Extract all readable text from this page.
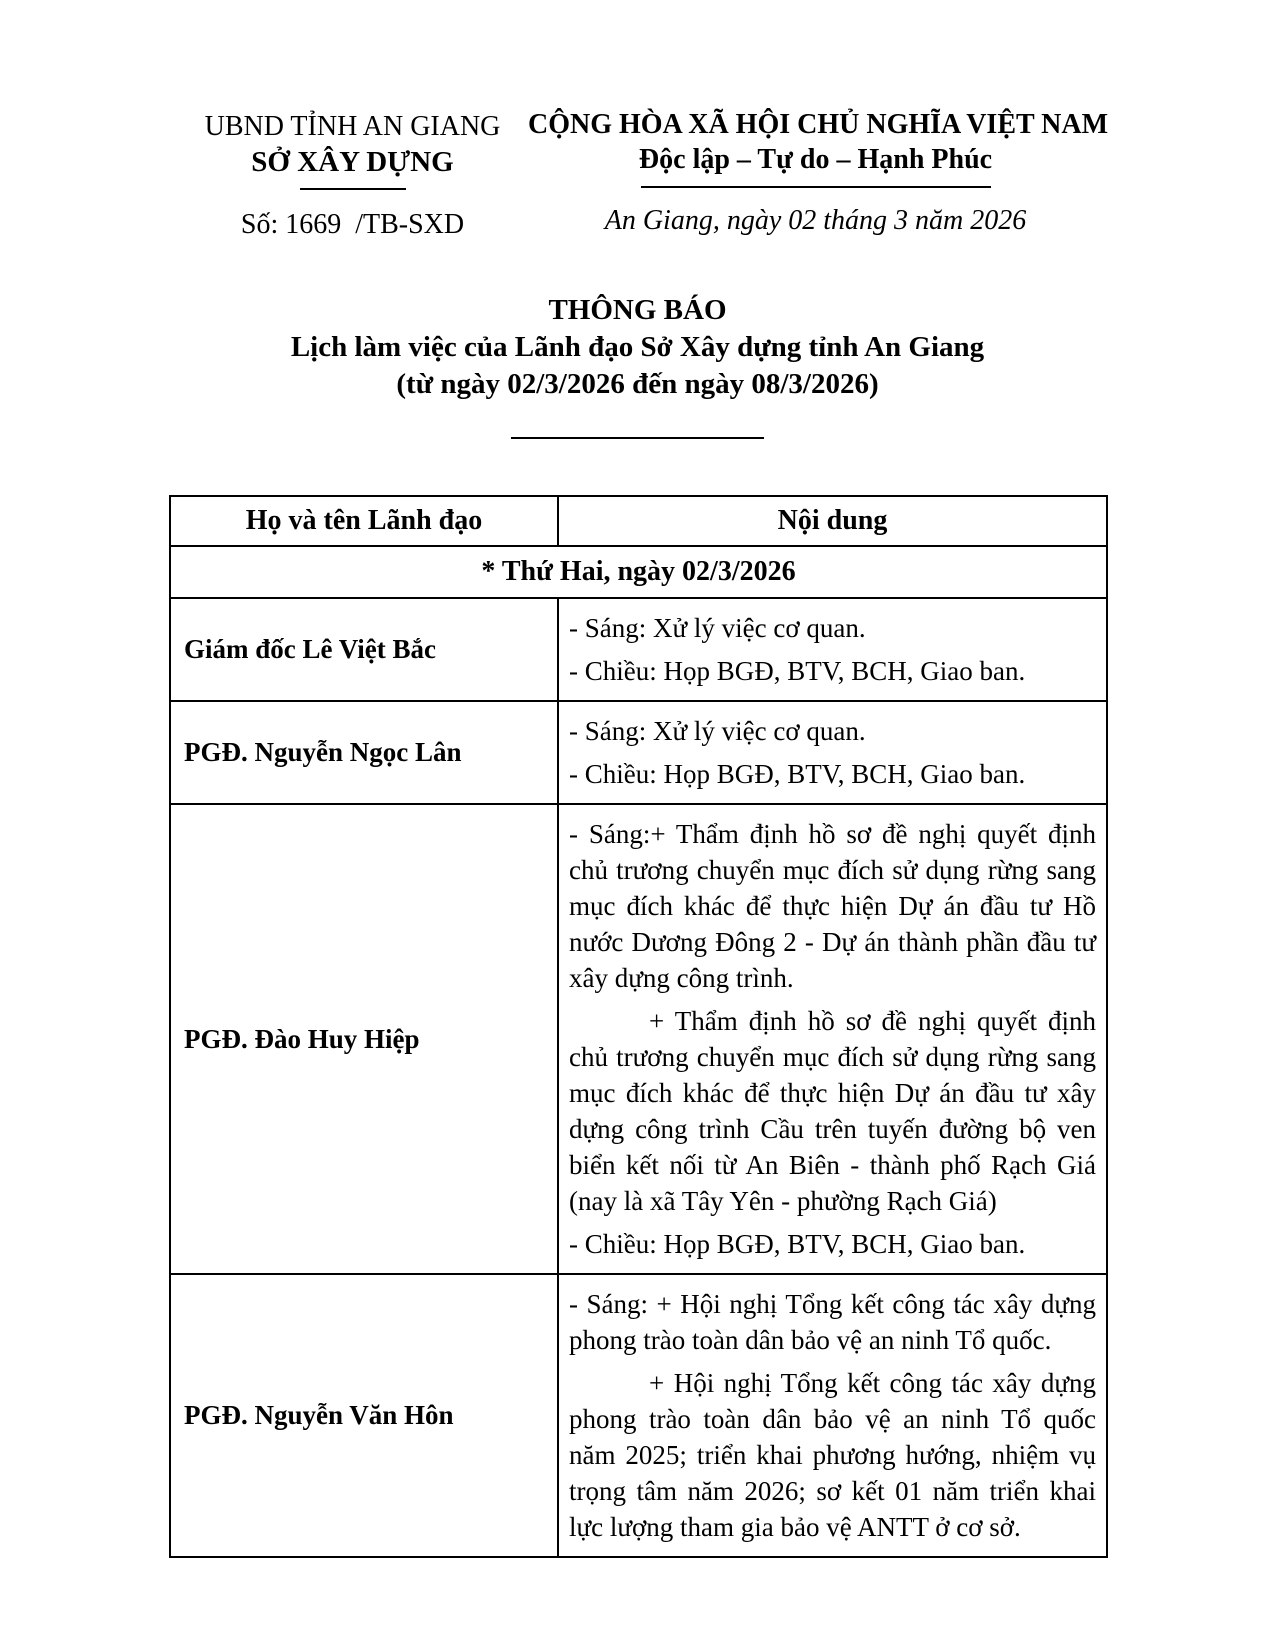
UBND TỈNH AN GIANG
SỞ XÂY DỰNG
Số: 1669  /TB-SXD
CỘNG HÒA XÃ HỘI CHỦ NGHĨA VIỆT NAM
Độc lập – Tự do – Hạnh Phúc
An Giang, ngày 02 tháng 3 năm 2026
THÔNG BÁO
Lịch làm việc của Lãnh đạo Sở Xây dựng tỉnh An Giang
(từ ngày 02/3/2026 đến ngày 08/3/2026)
Họ và tên Lãnh đạo	Nội dung
* Thứ Hai, ngày 02/3/2026	
Giám đốc Lê Việt Bắc	- Sáng: Xử lý việc cơ quan.

- Chiều: Họp BGĐ, BTV, BCH, Giao ban.

PGĐ. Nguyễn Ngọc Lân	- Sáng: Xử lý việc cơ quan.

- Chiều: Họp BGĐ, BTV, BCH, Giao ban.

PGĐ. Đào Huy Hiệp	- Sáng:+ Thẩm định hồ sơ đề nghị quyết định chủ trương chuyển mục đích sử dụng rừng sang mục đích khác để thực hiện Dự án đầu tư Hồ nước Dương Đông 2 - Dự án thành phần đầu tư xây dựng công trình.

+ Thẩm định hồ sơ đề nghị quyết định chủ trương chuyển mục đích sử dụng rừng sang mục đích khác để thực hiện Dự án đầu tư xây dựng công trình Cầu trên tuyến đường bộ ven biển kết nối từ An Biên - thành phố Rạch Giá (nay là xã Tây Yên - phường Rạch Giá)

- Chiều: Họp BGĐ, BTV, BCH, Giao ban.

PGĐ. Nguyễn Văn Hôn	- Sáng: + Hội nghị Tổng kết công tác xây dựng phong trào toàn dân bảo vệ an ninh Tổ quốc.

+ Hội nghị Tổng kết công tác xây dựng phong trào toàn dân bảo vệ an ninh Tổ quốc năm 2025; triển khai phương hướng, nhiệm vụ trọng tâm năm 2026; sơ kết 01 năm triển khai lực lượng tham gia bảo vệ ANTT ở cơ sở.
